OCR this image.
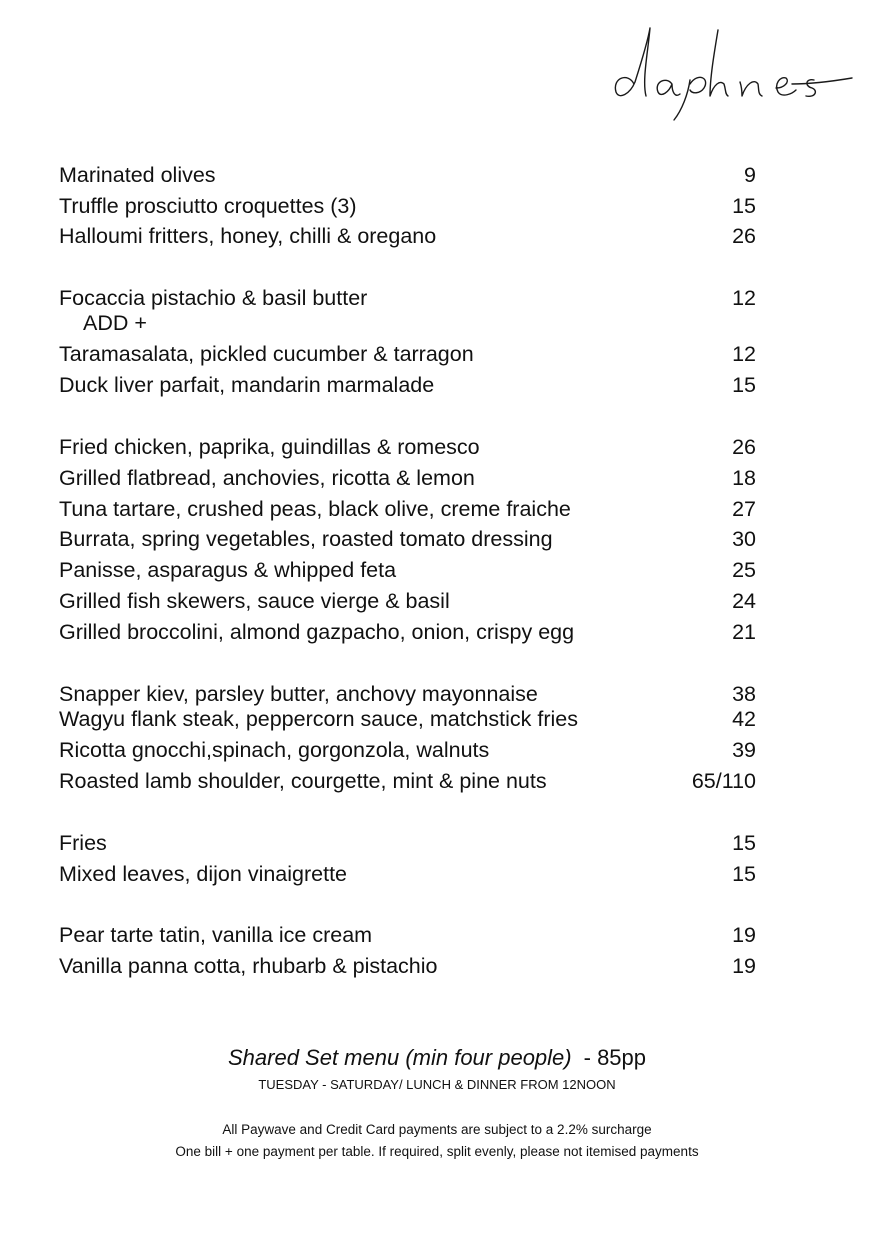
Marinated olives	9
Truffle prosciutto croquettes (3)	15
Halloumi fritters, honey, chilli & oregano	26
Focaccia pistachio & basil butter	12
ADD +
Taramasalata, pickled cucumber & tarragon	12
Duck liver parfait, mandarin marmalade	15
Fried chicken, paprika, guindillas & romesco	26
Grilled flatbread, anchovies, ricotta & lemon	18
Tuna tartare, crushed peas, black olive, creme fraiche	27
Burrata, spring vegetables, roasted tomato dressing	30
Panisse, asparagus & whipped feta	25
Grilled fish skewers, sauce vierge & basil	24
Grilled broccolini, almond gazpacho, onion, crispy egg	21
Snapper kiev, parsley butter, anchovy mayonnaise	38
Wagyu flank steak, peppercorn sauce, matchstick fries	42
Ricotta gnocchi,spinach, gorgonzola, walnuts	39
Roasted lamb shoulder, courgette, mint & pine nuts	65/110
Fries	15
Mixed leaves, dijon vinaigrette	15
Pear tarte tatin, vanilla ice cream	19
Vanilla panna cotta, rhubarb & pistachio	19
Shared Set menu (min four people) - 85pp
TUESDAY - SATURDAY/ LUNCH & DINNER FROM 12NOON
All Paywave and Credit Card payments are subject to a 2.2% surcharge
One bill + one payment per table. If required, split evenly, please not itemised payments
